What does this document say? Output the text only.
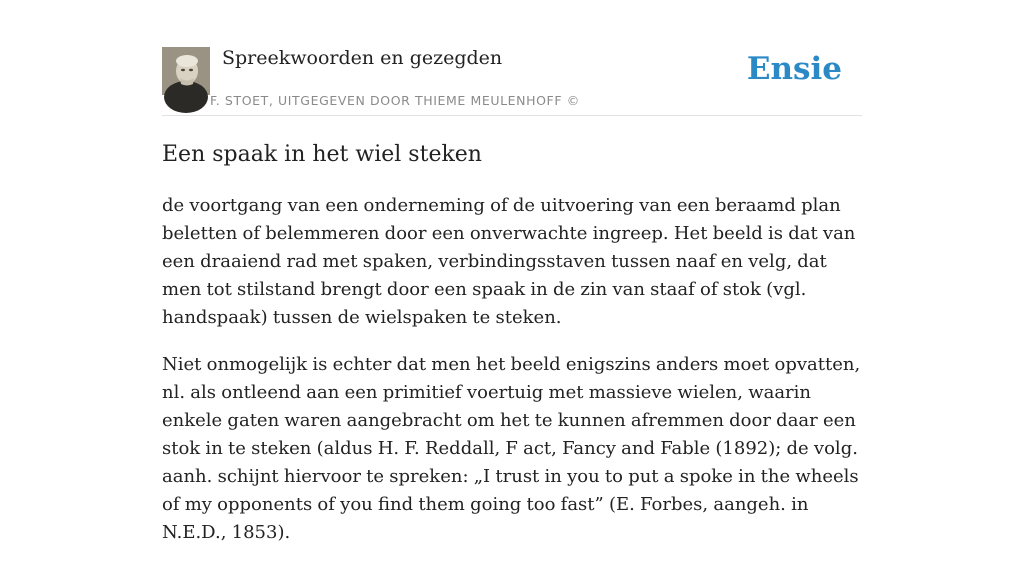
Spreekwoorden en gezegden
F. STOET, UITGEGEVEN DOOR THIEME MEULENHOFF ©
Ensie
Een spaak in het wiel steken

de voortgang van een onderneming of de uitvoering van een beraamd plan beletten of belemmeren door een onverwachte ingreep. Het beeld is dat van een draaiend rad met spaken, verbindingsstaven tussen naaf en velg, dat men tot stilstand brengt door een spaak in de zin van staaf of stok (vgl. handspaak) tussen de wielspaken te steken.

Niet onmogelijk is echter dat men het beeld enigszins anders moet opvatten, nl. als ontleend aan een primitief voertuig met massieve wielen, waarin enkele gaten waren aangebracht om het te kunnen afremmen door daar een stok in te steken (aldus H. F. Reddall, F act, Fancy and Fable (1892); de volg. aanh. schijnt hiervoor te spreken: „I trust in you to put a spoke in the wheels of my opponents of you find them going too fast” (E. Forbes, aangeh. in N.E.D., 1853).
